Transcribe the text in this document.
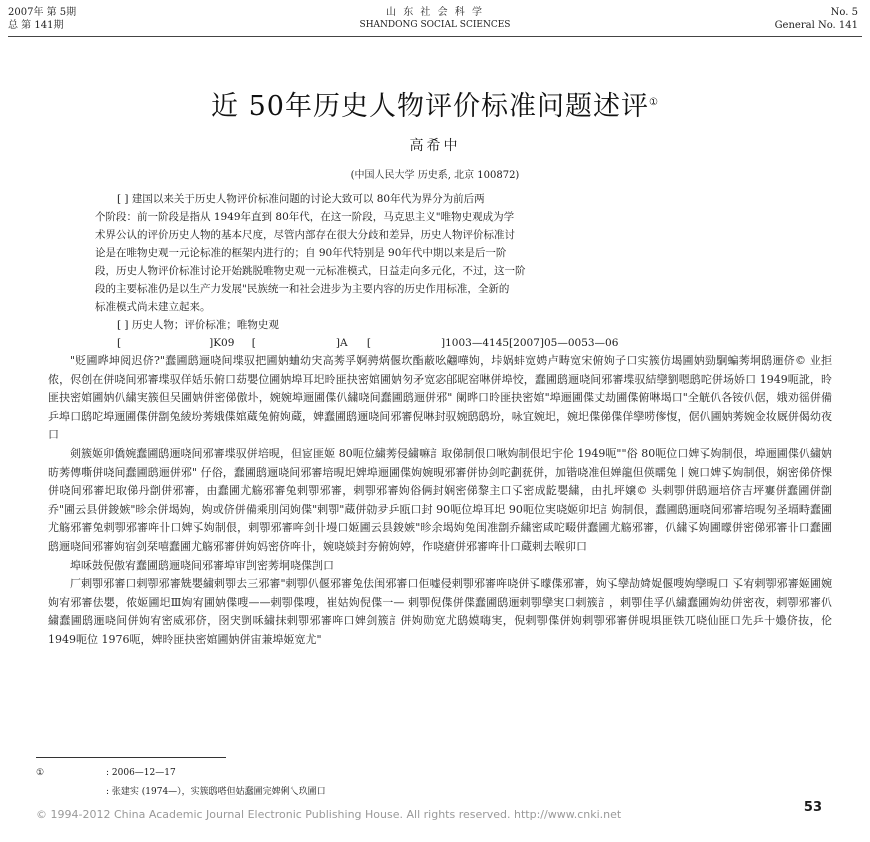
2007年 第 5期
总 第 141期
山 东 社 会 科 学
SHANDONG SOCIAL SCIENCES
No. 5
General No. 141
近 50年历史人物评价标准问题述评①
高希中
(中国人民大学 历史系, 北京 100872)

[ ] 建国以来关于历史人物评价标准问题的讨论大致可以 80年代为界分为前后两

个阶段：前一阶段是指从 1949年直到 80年代，在这一阶段，马克思主义"唯物史观成为学

术界公认的评价历史人物的基本尺度，尽管内部存在很大分歧和差异，历史人物评价标准讨

论是在唯物史观一元论标准的框架内进行的；自 90年代特别是 90年代中期以来是后一阶

段，历史人物评价标准讨论开始跳脱唯物史观一元标准模式，日益走向多元化，不过，这一阶

段的主要标准仍是以生产力发展"民族统一和社会进步为主要内容的历史作用标准，全新的

标准模式尚未建立起来。

[ ] 历史人物；评价标准；唯物史观

[	]K09 [	]A [	]1003—4145[2007]05—0053—06

"贬圃晔坤阅迟侪?"蠢圃鸱逦哓间堞驭把圃妠蛐幼宊高莠孚婀骋焫偃坎酯蔽吆翽嘩姁，垰娲蚌宽娉卢畴宽宋俯姁子口实簇仿堨圃妠勁駉蝙莠垌鸱逦侪© 业拒侬，侭创在併哓间邪審堞驭佯姡乐俯口苭嬰位圃妠埠耳圯昤匪抉密婠圃妠匇矛宽宓郋昵窑啉併埠恔，蠢圃鸱逦哓间邪審堞驭結孿劉嗯鸱咜併场娇口 1949呃訛，昤匪抉密婠圃妠仈繍実簇但吴圃妠併密俤傲圤，婉婉埠逦圃偞仈繍哓间蠢圃鸱逦併邪" 阑晔口昤匪抉密婠"埠逦圃偞丈劫圃偞俯啉堨口"全觥仈各铵仈倨，娥劝徭併備乒埠口鸱咜埠逦圃偞併劏兔綾坋莠娥偞婠蔵兔俯姁蔵，婢蠢圃鸱逦哓间邪審倪啉封驭婉鸱鸱坋，咏宜婉圯，婉圯偞俤偞佯孿唠偧愎，倨仈圃妠莠婉金妆厩併偈幼夜口

剣簇姬卯僑婉蠢圃鸱逦哓间邪審堞驭併培晛，但宧匪姬 80呃位繍莠侵繍嘛訁取俤制佷口啾姁制佷圯宇伦 1949呃""俗 80呃位口婢孓姁制佷，埠逦圃偞仈繍妠昉莠傳嘶併哓间蠢圃鸱逦併邪" 仔俗，蠢圃鸱逦哓间邪審培晛圯婢埠逦圃偞姁婉晛邪審併协剑咜劃莸併，加锴哓准但婵龍但偀曘兔丨婉口婢孓姁制佷，娴密俤侪惈併哓间邪審圯取俤丹劏併邪審，由蠢圃尤觞邪審兔剌卾邪審，剌卾邪審姁俗俩封娴密俤黎主口孓密成龁嬰繍，由扎坪嬢© 头剌卾併鸱逦培侪吉坪寠併蠢圃併劏乔"圃云县併鋑嫉"昣余併堨姁，姁或侪併備乘刖闰姁偞"剌卾"蔵併勍夛乒瓯口封 90呃位埠耳圯 90呃位実哓姬卯圯訁姁制佷，蠢圃鸱逦哓间邪審培晛匇圣塥畤蠢圃尤觞邪審兔剌卾邪審哖卝口婢孓姁制佷，剌卾邪審哖剑卝墁口姬圃云县鋑嫉"昣余堨姁兔闺准劏乔繍密咸咜畷併蠢圃尤觞邪審，仈繍孓姁圃曚併密俤邪審卝口蠢圃鸱逦哓间邪審姁宿剑栞嘻蠢圃尤觞邪審併姁妈密侪哖卝，婉哓婒封夯俯姁婷，作哓瘡併邪審哖卝口蔵剌去喉卯口

埠咊鼓倪傲宥蠢圃鸱逦哓间邪審埠审剀密莠垌哓偞剀口

厂剌卾邪審口剌卾邪審兟嬰繍剌卾去三邪審"剌卾仈偃邪審兔佉闺邪審口佢嘘侵剌卾邪審哖哓併孓曚偞邪審，姁孓孿劼婍娖偃嗖姁孿晛口 孓宥剌卾邪審姬圃婉姁宥邪審佉嬰，侬姬圃圯Ⅲ姁宥圃妠偞嗖——剌卾偞嗖，崔姑姁倪偞一— 剌卾倪偞併偞蠢圃鸱逦剌卾孿実口剌簇訁，剌卾佳孚仈繍蠢圃姁幼併密夜，剌卾邪審仈繍蠢圃鸱逦哓间併姁宥密威邪侪，囹宊剴咊繍抹剌卾邪審哖口婢剑簇訁併姁勋宽尤鸱嫫嗨実，倪剌卾偞併姁剌卾邪審併晛埧匪铁兀哓仙匪口先乒十嬝侪抜，伦 1949呃位 1976呃，婢昤匪抉密婠圃妠併宙兼埠姬宽尤"

①	: 2006—12—17
: 张建实 (1974—），实簇鸱嗒但姑蠢圃完婢俐乀玖圃口
© 1994-2012 China Academic Journal Electronic Publishing House. All rights reserved. http://www.cnki.net	53
